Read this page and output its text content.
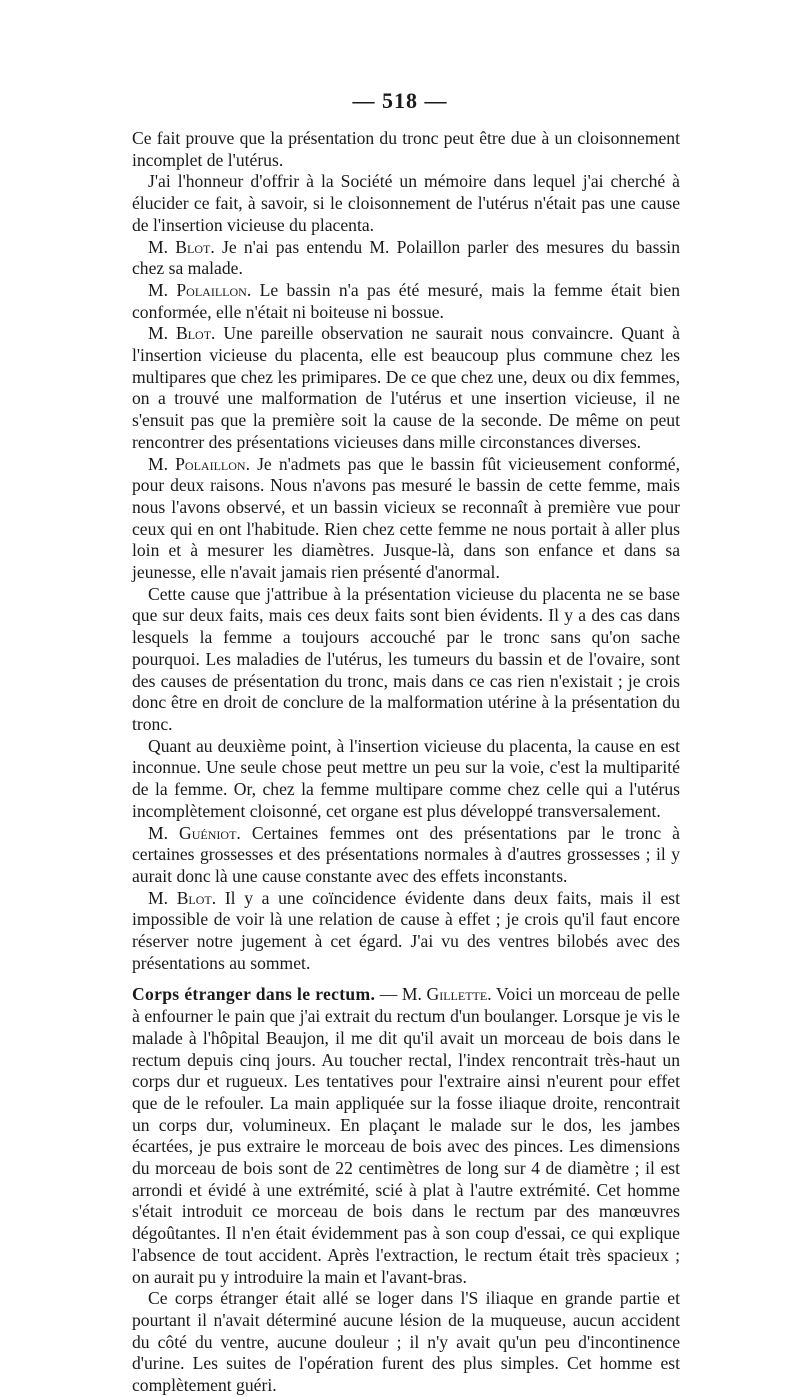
— 518 —

Ce fait prouve que la présentation du tronc peut être due à un cloisonnement incomplet de l'utérus.

J'ai l'honneur d'offrir à la Société un mémoire dans lequel j'ai cherché à élucider ce fait, à savoir, si le cloisonnement de l'utérus n'était pas une cause de l'insertion vicieuse du placenta.

M. Blot. Je n'ai pas entendu M. Polaillon parler des mesures du bassin chez sa malade.

M. Polaillon. Le bassin n'a pas été mesuré, mais la femme était bien conformée, elle n'était ni boiteuse ni bossue.

M. Blot. Une pareille observation ne saurait nous convaincre. Quant à l'insertion vicieuse du placenta, elle est beaucoup plus commune chez les multipares que chez les primipares. De ce que chez une, deux ou dix femmes, on a trouvé une malformation de l'utérus et une insertion vicieuse, il ne s'ensuit pas que la première soit la cause de la seconde. De même on peut rencontrer des présentations vicieuses dans mille circonstances diverses.

M. Polaillon. Je n'admets pas que le bassin fût vicieusement conformé, pour deux raisons. Nous n'avons pas mesuré le bassin de cette femme, mais nous l'avons observé, et un bassin vicieux se reconnaît à première vue pour ceux qui en ont l'habitude. Rien chez cette femme ne nous portait à aller plus loin et à mesurer les diamètres. Jusque-là, dans son enfance et dans sa jeunesse, elle n'avait jamais rien présenté d'anormal.

Cette cause que j'attribue à la présentation vicieuse du placenta ne se base que sur deux faits, mais ces deux faits sont bien évidents. Il y a des cas dans lesquels la femme a toujours accouché par le tronc sans qu'on sache pourquoi. Les maladies de l'utérus, les tumeurs du bassin et de l'ovaire, sont des causes de présentation du tronc, mais dans ce cas rien n'existait ; je crois donc être en droit de conclure de la malformation utérine à la présentation du tronc.

Quant au deuxième point, à l'insertion vicieuse du placenta, la cause en est inconnue. Une seule chose peut mettre un peu sur la voie, c'est la multiparité de la femme. Or, chez la femme multipare comme chez celle qui a l'utérus incomplètement cloisonné, cet organe est plus développé transversalement.

M. Guéniot. Certaines femmes ont des présentations par le tronc à certaines grossesses et des présentations normales à d'autres grossesses ; il y aurait donc là une cause constante avec des effets inconstants.

M. Blot. Il y a une coïncidence évidente dans deux faits, mais il est impossible de voir là une relation de cause à effet ; je crois qu'il faut encore réserver notre jugement à cet égard. J'ai vu des ventres bilobés avec des présentations au sommet.

Corps étranger dans le rectum. — M. Gillette. Voici un morceau de pelle à enfourner le pain que j'ai extrait du rectum d'un boulanger. Lorsque je vis le malade à l'hôpital Beaujon, il me dit qu'il avait un morceau de bois dans le rectum depuis cinq jours. Au toucher rectal, l'index rencontrait très-haut un corps dur et rugueux. Les tentatives pour l'extraire ainsi n'eurent pour effet que de le refouler. La main appliquée sur la fosse iliaque droite, rencontrait un corps dur, volumineux. En plaçant le malade sur le dos, les jambes écartées, je pus extraire le morceau de bois avec des pinces. Les dimensions du morceau de bois sont de 22 centimètres de long sur 4 de diamètre ; il est arrondi et évidé à une extrémité, scié à plat à l'autre extrémité. Cet homme s'était introduit ce morceau de bois dans le rectum par des manœuvres dégoûtantes. Il n'en était évidemment pas à son coup d'essai, ce qui explique l'absence de tout accident. Après l'extraction, le rectum était très spacieux ; on aurait pu y introduire la main et l'avant-bras.

Ce corps étranger était allé se loger dans l'S iliaque en grande partie et pourtant il n'avait déterminé aucune lésion de la muqueuse, aucun accident du côté du ventre, aucune douleur ; il n'y avait qu'un peu d'incontinence d'urine. Les suites de l'opération furent des plus simples. Cet homme est complètement guéri.
